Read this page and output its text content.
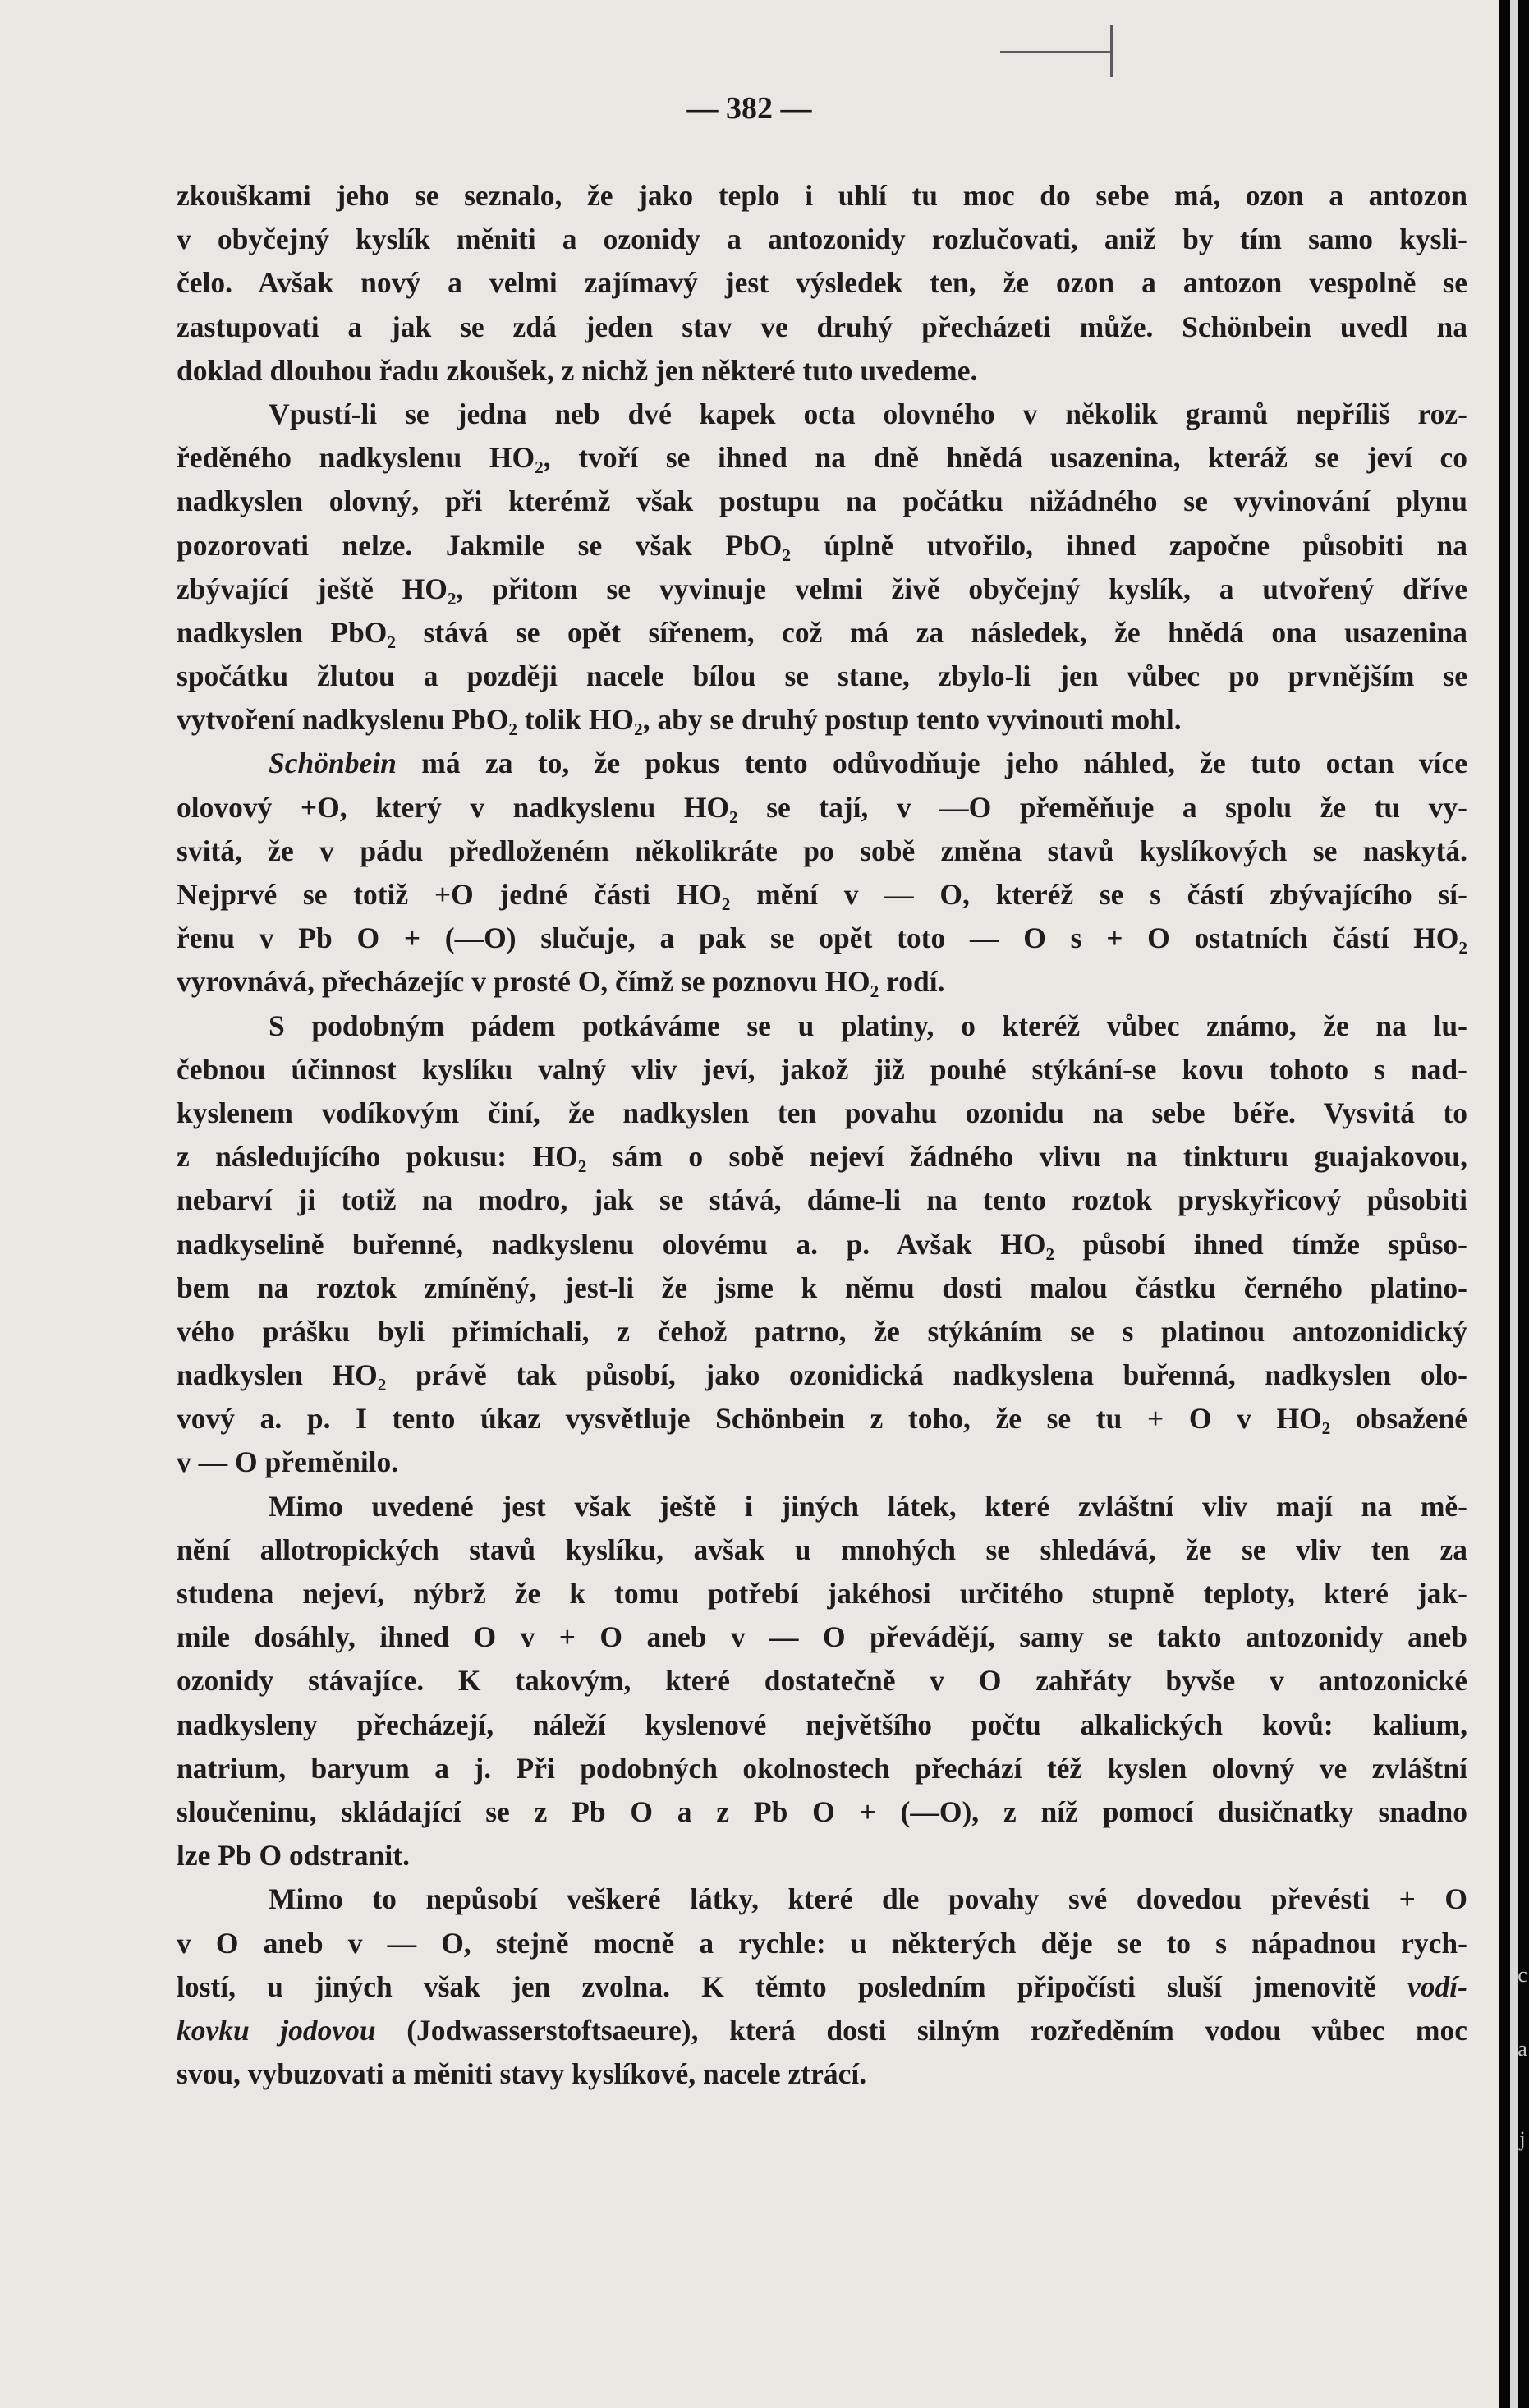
— 382 —
zkouškami jeho se seznalo, že jako teplo i uhlí tu moc do sebe má, ozon a antozon
v obyčejný kyslík měniti a ozonidy a antozonidy rozlučovati, aniž by tím samo kysli-
čelo. Avšak nový a velmi zajímavý jest výsledek ten, že ozon a antozon vespolně se
zastupovati a jak se zdá jeden stav ve druhý přecházeti může. Schönbein uvedl na
doklad dlouhou řadu zkoušek, z nichž jen některé tuto uvedeme.
Vpustí-li se jedna neb dvé kapek octa olovného v několik gramů nepříliš roz-
ředěného nadkyslenu HO₂, tvoří se ihned na dně hnědá usazenina, kteráž se jeví co
nadkyslen olovný, při kterémž však postupu na počátku nižádného se vyvinování plynu
pozorovati nelze. Jakmile se však PbO₂ úplně utvořilo, ihned započne působiti na
zbývající ještě HO₂, přitom se vyvinuje velmi živě obyčejný kyslík, a utvořený dříve
nadkyslen PbO₂ stává se opět sířenem, což má za následek, že hnědá ona usazenina
spočátku žlutou a později nacele bílou se stane, zbylo-li jen vůbec po prvnějším se
vytvoření nadkyslenu PbO₂ tolik HO₂, aby se druhý postup tento vyvinouti mohl.
Schönbein má za to, že pokus tento odůvodňuje jeho náhled, že tuto octan více
olovový +O, který v nadkyslenu HO₂ se tají, v —O přeměňuje a spolu že tu vy-
svitá, že v pádu předloženém několikráte po sobě změna stavů kyslíkových se naskytá.
Nejprvé se totiž +O jedné části HO₂ mění v — O, kteréž se s částí zbývajícího sí-
řenu v Pb O + (—O) slučuje, a pak se opět toto — O s + O ostatních částí HO₂
vyrovnává, přecházejíc v prosté O, čímž se poznovu HO₂ rodí.
S podobným pádem potkáváme se u platiny, o kteréž vůbec známo, že na lu-
čebnou účinnost kyslíku valný vliv jeví, jakož již pouhé stýkání-se kovu tohoto s nad-
kyslenem vodíkovým činí, že nadkyslen ten povahu ozonidu na sebe béře. Vysvitá to
z následujícího pokusu: HO₂ sám o sobě nejeví žádného vlivu na tinkturu guajakovou,
nebarví ji totiž na modro, jak se stává, dáme-li na tento roztok pryskyřicový působiti
nadkyselině buřenné, nadkyslenu olovému a. p. Avšak HO₂ působí ihned tímže spůso-
bem na roztok zmíněný, jest-li že jsme k němu dosti malou částku černého platino-
vého prášku byli přimíchali, z čehož patrno, že stýkáním se s platinou antozonidický
nadkyslen HO₂ právě tak působí, jako ozonidická nadkyslena buřenná, nadkyslen olo-
vový a. p. I tento úkaz vysvětluje Schönbein z toho, že se tu + O v HO₂ obsažené
v — O přeměnilo.
Mimo uvedené jest však ještě i jiných látek, které zvláštní vliv mají na mě-
nění allotropických stavů kyslíku, avšak u mnohých se shledává, že se vliv ten za
studena nejeví, nýbrž že k tomu potřebí jakéhosi určitého stupně teploty, které jak-
mile dosáhly, ihned O v + O aneb v — O převádějí, samy se takto antozonidy aneb
ozonidy stávajíce. K takovým, které dostatečně v O zahřáty byvše v antozonické
nadkysleny přecházejí, náleží kyslenové největšího počtu alkalických kovů: kalium,
natrium, baryum a j. Při podobných okolnostech přechází též kyslen olovný ve zvláštní
sloučeninu, skládající se z Pb O a z Pb O + (—O), z níž pomocí dusičnatky snadno
lze Pb O odstranit.
Mimo to nepůsobí veškeré látky, které dle povahy své dovedou převésti + O
v O aneb v — O, stejně mocně a rychle: u některých děje se to s nápadnou rych-
lostí, u jiných však jen zvolna. K těmto posledním připočísti sluší jmenovitě vodí-
kovku jodovou (Jodwasserstoftsaeure), která dosti silným rozředěním vodou vůbec moc
svou, vybuzovati a měniti stavy kyslíkové, nacele ztrácí.
c
a
j
